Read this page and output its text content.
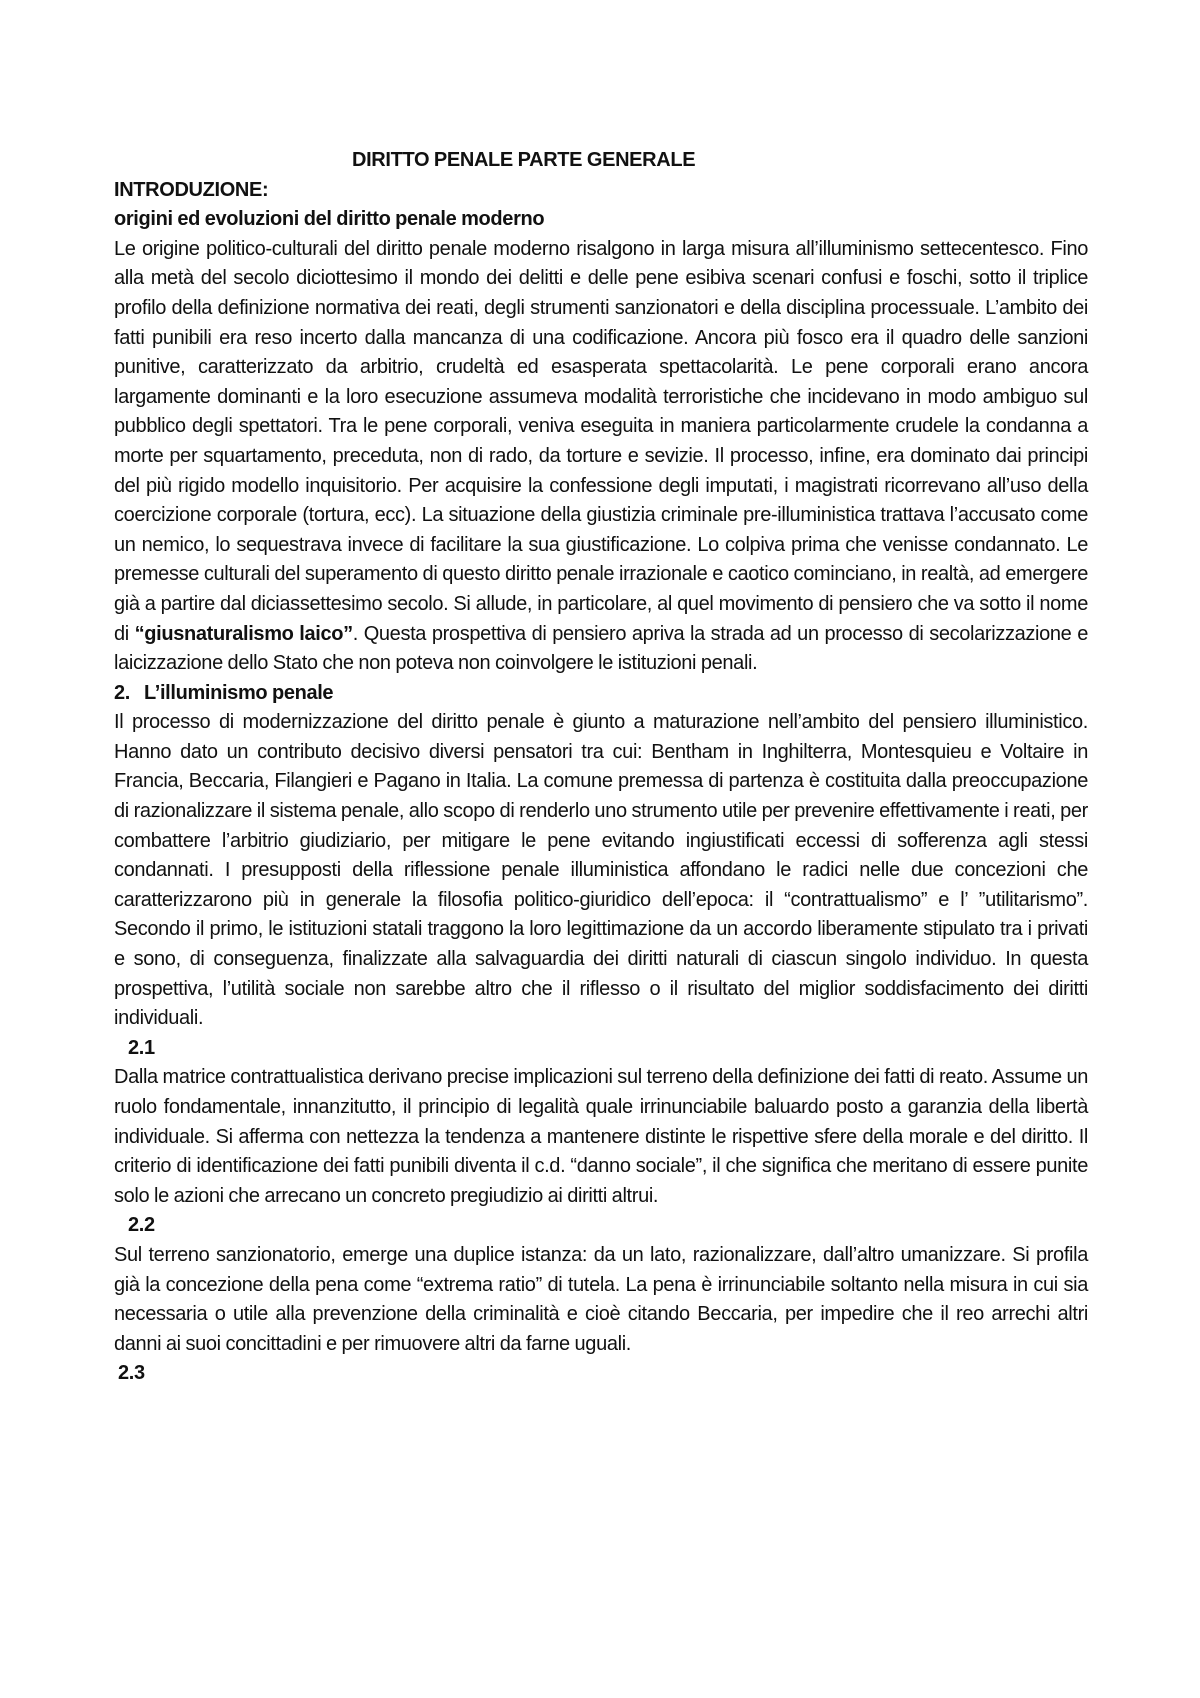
DIRITTO PENALE PARTE GENERALE

INTRODUZIONE:

origini ed evoluzioni del diritto penale moderno

Le origine politico-culturali del diritto penale moderno risalgono in larga misura all’illuminismo settecentesco. Fino alla metà del secolo diciottesimo il mondo dei delitti e delle pene esibiva scenari confusi e foschi, sotto il triplice profilo della definizione normativa dei reati, degli strumenti sanzionatori e della disciplina processuale. L’ambito dei fatti punibili era reso incerto dalla mancanza di una codificazione. Ancora più fosco era il quadro delle sanzioni punitive, caratterizzato da arbitrio, crudeltà ed esasperata spettacolarità. Le pene corporali erano ancora largamente dominanti e la loro esecuzione assumeva modalità terroristiche che incidevano in modo ambiguo sul pubblico degli spettatori. Tra le pene corporali, veniva eseguita in maniera particolarmente crudele la condanna a morte per squartamento, preceduta, non di rado, da torture e sevizie. Il processo, infine, era dominato dai principi del più rigido modello inquisitorio. Per acquisire la confessione degli imputati, i magistrati ricorrevano all’uso della coercizione corporale (tortura, ecc). La situazione della giustizia criminale pre-illuministica trattava l’accusato come un nemico, lo sequestrava invece di facilitare la sua giustificazione. Lo colpiva prima che venisse condannato. Le premesse culturali del superamento di questo diritto penale irrazionale e caotico cominciano, in realtà, ad emergere già a partire dal diciassettesimo secolo. Si allude, in particolare, al quel movimento di pensiero che va sotto il nome di “giusnaturalismo laico”. Questa prospettiva di pensiero apriva la strada ad un processo di secolarizzazione e laicizzazione dello Stato che non poteva non coinvolgere le istituzioni penali.

2. L’illuminismo penale

Il processo di modernizzazione del diritto penale è giunto a maturazione nell’ambito del pensiero illuministico. Hanno dato un contributo decisivo diversi pensatori tra cui: Bentham in Inghilterra, Montesquieu e Voltaire in Francia, Beccaria, Filangieri e Pagano in Italia. La comune premessa di partenza è costituita dalla preoccupazione di razionalizzare il sistema penale, allo scopo di renderlo uno strumento utile per prevenire effettivamente i reati, per combattere l’arbitrio giudiziario, per mitigare le pene evitando ingiustificati eccessi di sofferenza agli stessi condannati. I presupposti della riflessione penale illuministica affondano le radici nelle due concezioni che caratterizzarono più in generale la filosofia politico-giuridico dell’epoca: il “contrattualismo” e l’ ”utilitarismo”. Secondo il primo, le istituzioni statali traggono la loro legittimazione da un accordo liberamente stipulato tra i privati e sono, di conseguenza, finalizzate alla salvaguardia dei diritti naturali di ciascun singolo individuo. In questa prospettiva, l’utilità sociale non sarebbe altro che il riflesso o il risultato del miglior soddisfacimento dei diritti individuali.

2.1

Dalla matrice contrattualistica derivano precise implicazioni sul terreno della definizione dei fatti di reato. Assume un ruolo fondamentale, innanzitutto, il principio di legalità quale irrinunciabile baluardo posto a garanzia della libertà individuale. Si afferma con nettezza la tendenza a mantenere distinte le rispettive sfere della morale e del diritto. Il criterio di identificazione dei fatti punibili diventa il c.d. “danno sociale”, il che significa che meritano di essere punite solo le azioni che arrecano un concreto pregiudizio ai diritti altrui.

2.2

Sul terreno sanzionatorio, emerge una duplice istanza: da un lato, razionalizzare, dall’altro umanizzare. Si profila già la concezione della pena come “extrema ratio” di tutela. La pena è irrinunciabile soltanto nella misura in cui sia necessaria o utile alla prevenzione della criminalità e cioè citando Beccaria, per impedire che il reo arrechi altri danni ai suoi concittadini e per rimuovere altri da farne uguali.

2.3
